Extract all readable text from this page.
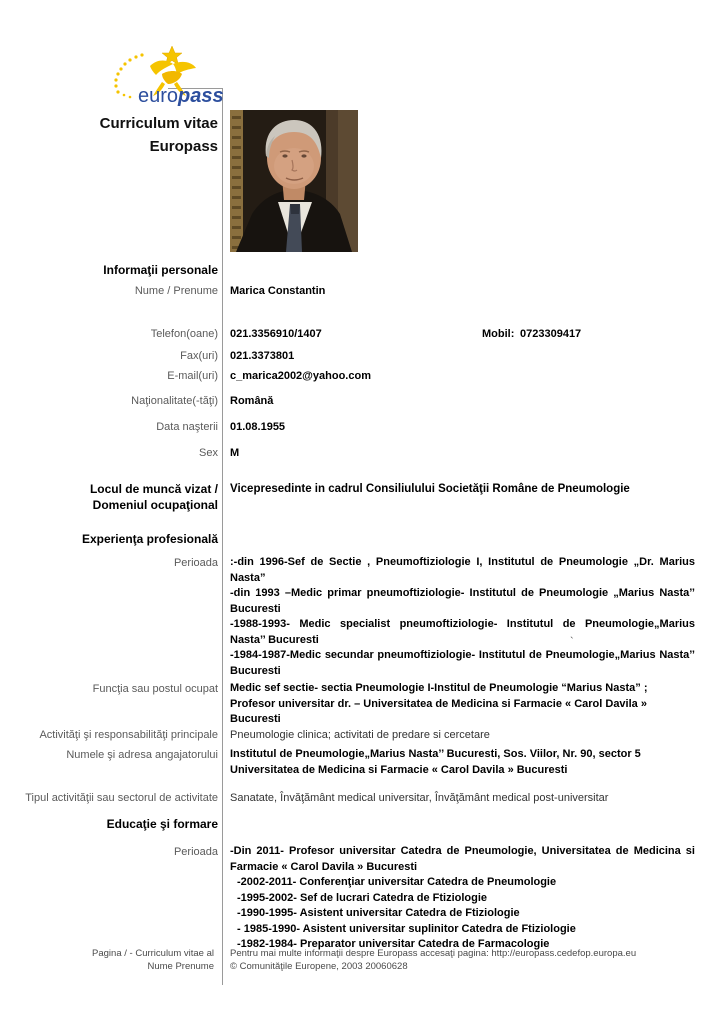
europass
Curriculum vitae
Europass
Informaţii personale
Nume / Prenume Marica Constantin
Telefon(oane) 021.3356910/1407	Mobil: 0723309417
Fax(uri) 021.3373801
E-mail(uri) c_marica2002@yahoo.com
Naţionalitate(-tăţi) Română
Data naşterii 01.08.1955
Sex M
Locul de muncă vizat /
Domeniul ocupaţional
Vicepresedinte in cadrul Consiliulului Societăţii Române de Pneumologie
Experienţa profesională
Perioada :-din 1996-Sef de Sectie , Pneumoftiziologie I, Institutul de Pneumologie „Dr. Marius Nasta”
-din 1993 –Medic primar pneumoftiziologie- Institutul de Pneumologie „Marius Nasta’’ Bucuresti
-1988-1993- Medic specialist pneumoftiziologie- Institutul de Pneumologie„Marius Nasta’’ Bucuresti
-1984-1987-Medic secundar pneumoftiziologie- Institutul de Pneumologie„Marius Nasta’’ Bucuresti
`
Funcţia sau postul ocupat Medic sef sectie- sectia Pneumologie I-Institul de Pneumologie “Marius Nasta” ;
Profesor universitar dr. – Universitatea de Medicina si Farmacie « Carol Davila » Bucuresti
Activităţi şi responsabilităţi principale Pneumologie clinica; activitati de predare si cercetare
Numele şi adresa angajatorului Institutul de Pneumologie„Marius Nasta’’ Bucuresti, Sos. Viilor, Nr. 90, sector 5
Universitatea de Medicina si Farmacie « Carol Davila » Bucuresti
Tipul activităţii sau sectorul de activitate Sanatate, Învăţământ medical universitar, Învăţământ medical post-universitar
Educaţie şi formare
Perioada -Din 2011- Profesor universitar Catedra de Pneumologie, Universitatea de Medicina si Farmacie « Carol Davila » Bucuresti
-2002-2011- Conferenţiar universitar Catedra de Pneumologie
-1995-2002- Sef de lucrari Catedra de Ftiziologie
-1990-1995- Asistent universitar Catedra de Ftiziologie
- 1985-1990- Asistent universitar suplinitor Catedra de Ftiziologie
-1982-1984- Preparator universitar Catedra de Farmacologie
Pagina / - Curriculum vitae al
Nume Prenume
Pentru mai multe informaţii despre Europass accesaţi pagina: http://europass.cedefop.europa.eu
© Comunităţile Europene, 2003 20060628
